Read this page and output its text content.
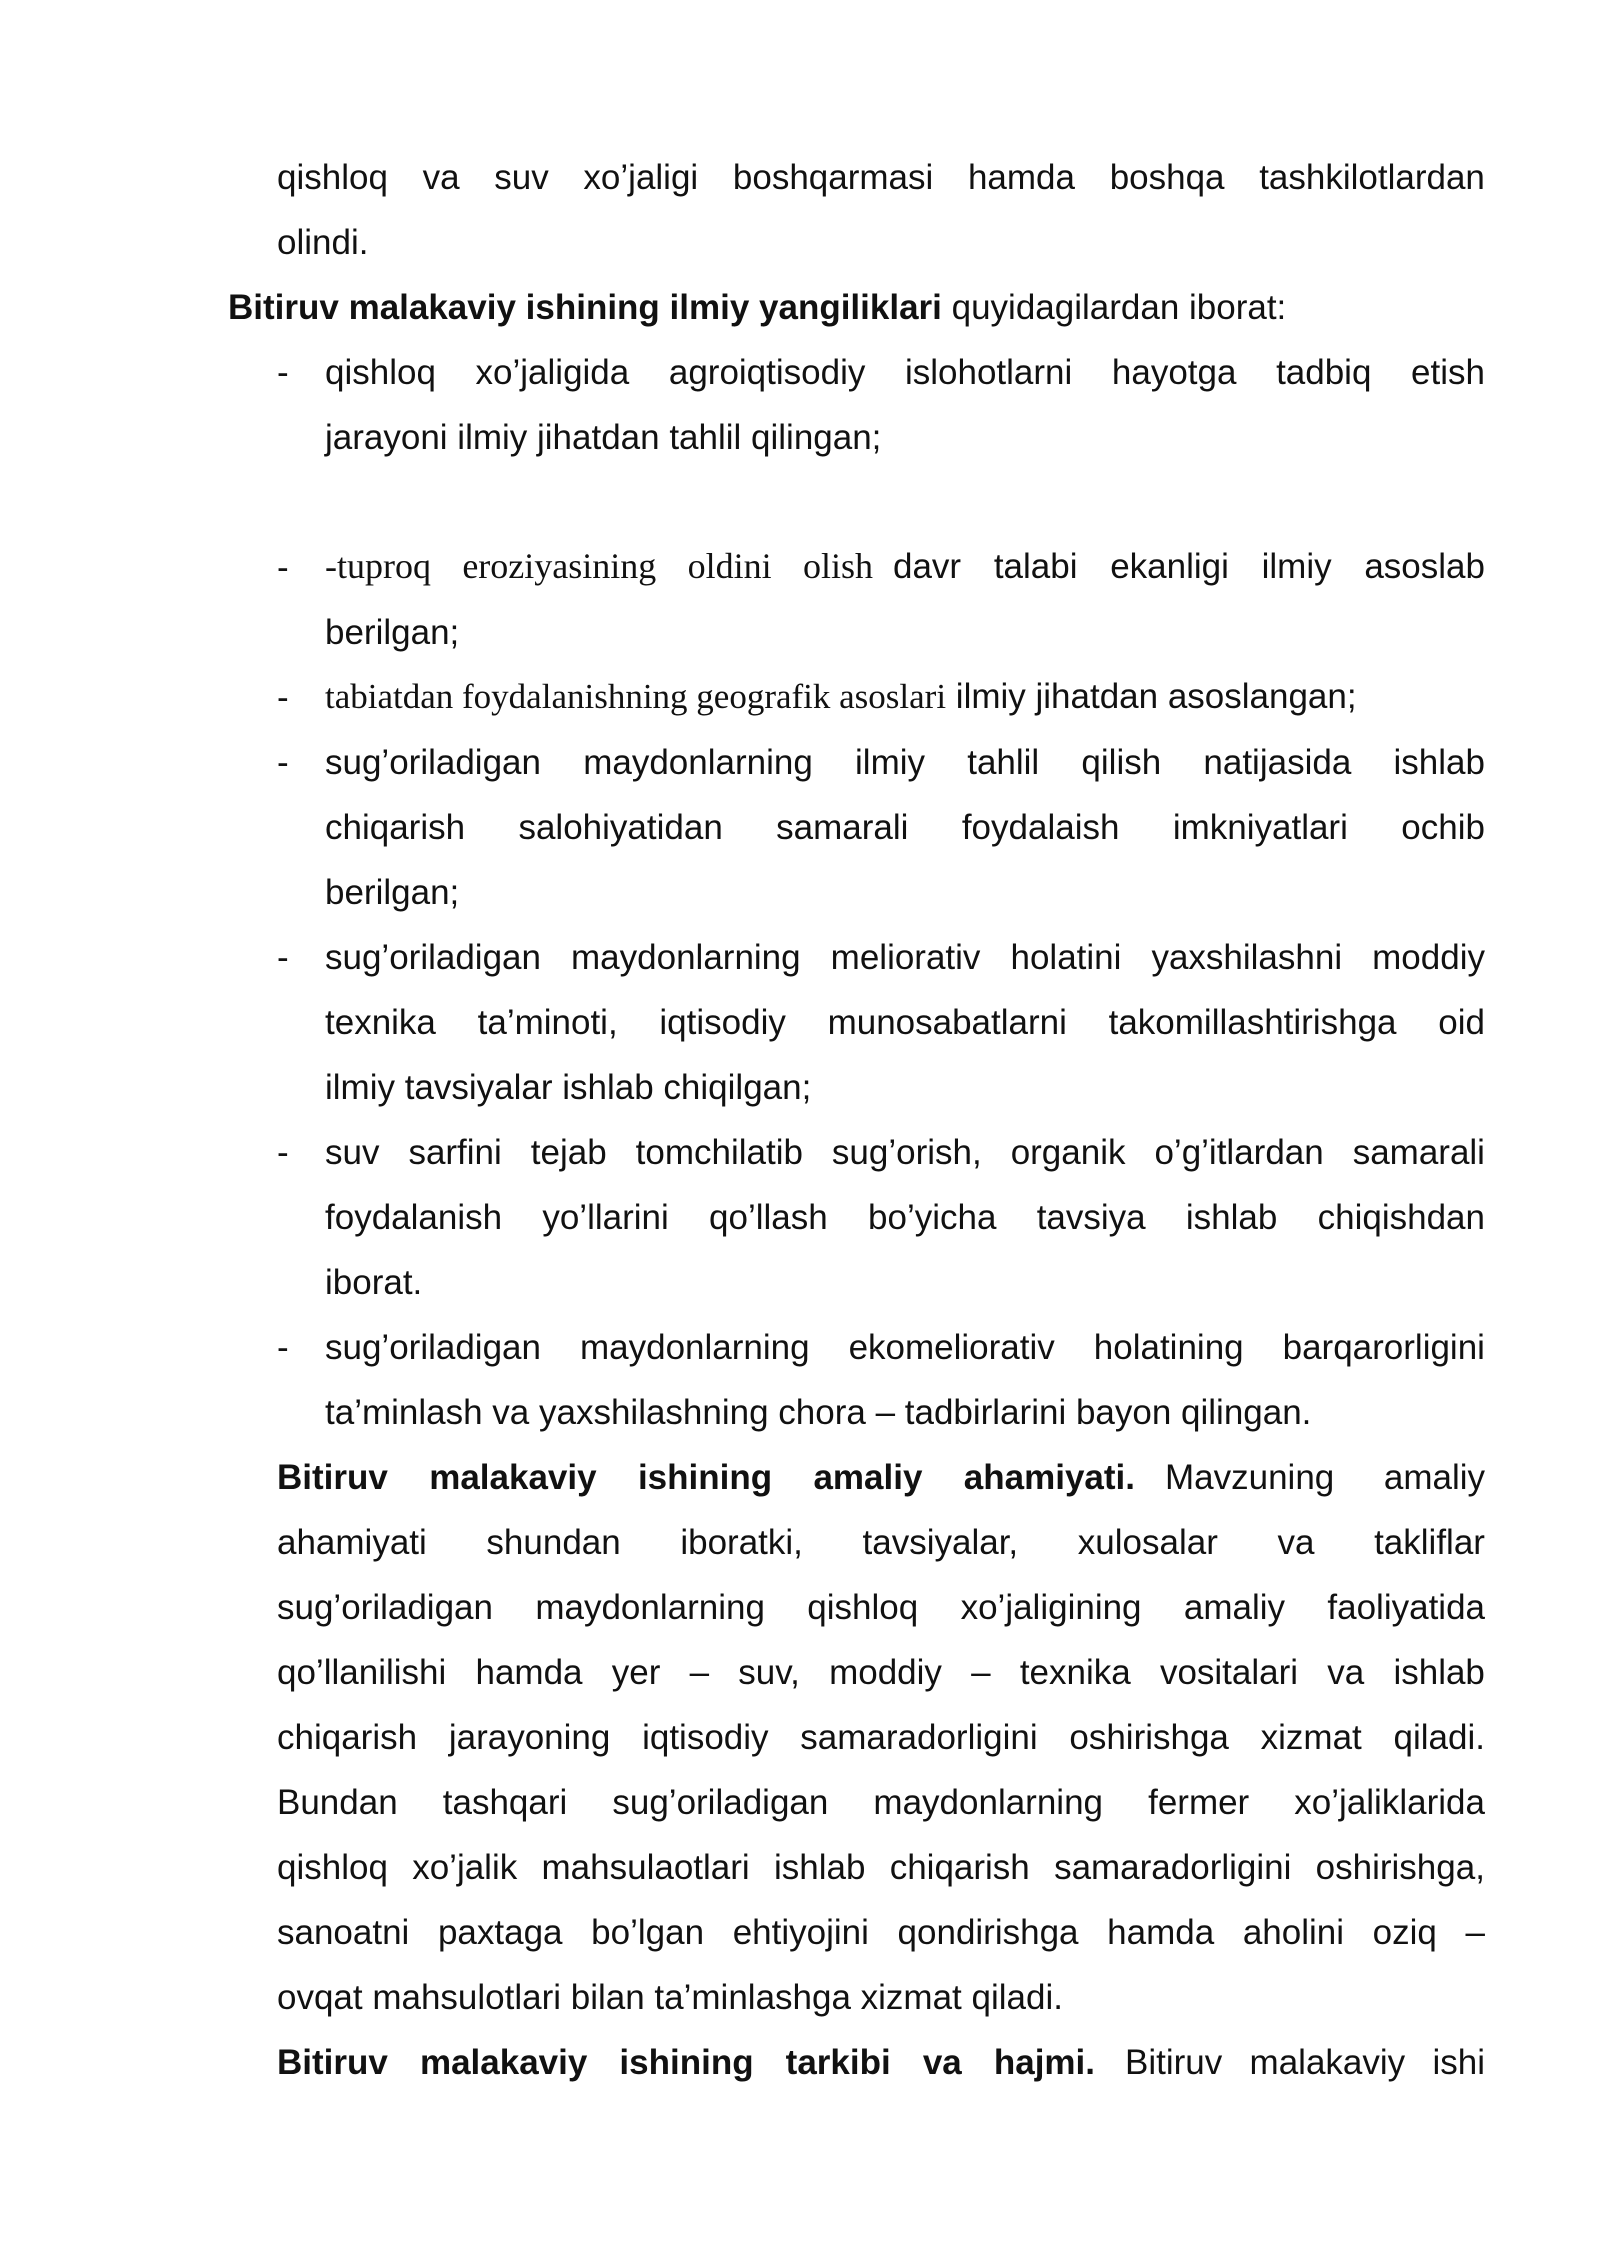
qishloq va suv xo’jaligi boshqarmasi hamda boshqa tashkilotlardan
olindi.
Bitiruv malakaviy ishining ilmiy yangiliklari quyidagilardan iborat:
- qishloq xo’jaligida agroiqtisodiy islohotlarni hayotga tadbiq etish
jarayoni ilmiy jihatdan tahlil qilingan;
- -tuproq eroziyasining oldini olish davr talabi ekanligi ilmiy asoslab
berilgan;
- tabiatdan foydalanishning geografik asoslari ilmiy jihatdan asoslangan;
- sug’oriladigan maydonlarning ilmiy tahlil qilish natijasida ishlab
chiqarish salohiyatidan samarali foydalaish imkniyatlari ochib
berilgan;
- sug’oriladigan maydonlarning meliorativ holatini yaxshilashni moddiy
texnika ta’minoti, iqtisodiy munosabatlarni takomillashtirishga oid
ilmiy tavsiyalar ishlab chiqilgan;
- suv sarfini tejab tomchilatib sug’orish, organik o’g’itlardan samarali
foydalanish yo’llarini qo’llash bo’yicha tavsiya ishlab chiqishdan
iborat.
- sug’oriladigan maydonlarning ekomeliorativ holatining barqarorligini
ta’minlash va yaxshilashning chora – tadbirlarini bayon qilingan.
Bitiruv malakaviy ishining amaliy ahamiyati. Mavzuning amaliy
ahamiyati shundan iboratki, tavsiyalar, xulosalar va takliflar
sug’oriladigan maydonlarning qishloq xo’jaligining amaliy faoliyatida
qo’llanilishi hamda yer – suv, moddiy – texnika vositalari va ishlab
chiqarish jarayoning iqtisodiy samaradorligini oshirishga xizmat qiladi.
Bundan tashqari sug’oriladigan maydonlarning fermer xo’jaliklarida
qishloq xo’jalik mahsulaotlari ishlab chiqarish samaradorligini oshirishga,
sanoatni paxtaga bo’lgan ehtiyojini qondirishga hamda aholini oziq –
ovqat mahsulotlari bilan ta’minlashga xizmat qiladi.
Bitiruv malakaviy ishining tarkibi va hajmi. Bitiruv malakaviy ishi
